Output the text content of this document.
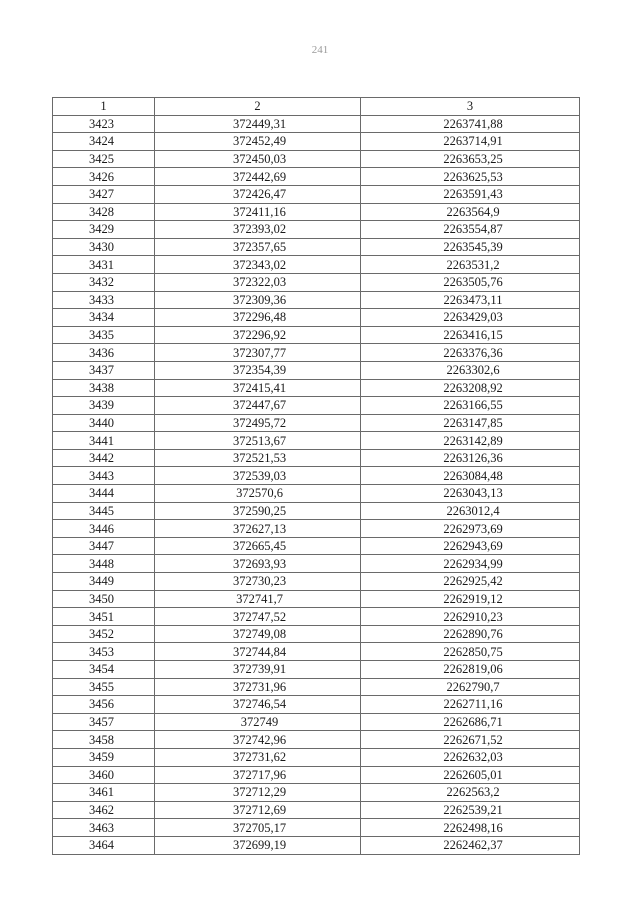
241
1	2	3
3423	372449,31	2263741,88
3424	372452,49	2263714,91
3425	372450,03	2263653,25
3426	372442,69	2263625,53
3427	372426,47	2263591,43
3428	372411,16	2263564,9
3429	372393,02	2263554,87
3430	372357,65	2263545,39
3431	372343,02	2263531,2
3432	372322,03	2263505,76
3433	372309,36	2263473,11
3434	372296,48	2263429,03
3435	372296,92	2263416,15
3436	372307,77	2263376,36
3437	372354,39	2263302,6
3438	372415,41	2263208,92
3439	372447,67	2263166,55
3440	372495,72	2263147,85
3441	372513,67	2263142,89
3442	372521,53	2263126,36
3443	372539,03	2263084,48
3444	372570,6	2263043,13
3445	372590,25	2263012,4
3446	372627,13	2262973,69
3447	372665,45	2262943,69
3448	372693,93	2262934,99
3449	372730,23	2262925,42
3450	372741,7	2262919,12
3451	372747,52	2262910,23
3452	372749,08	2262890,76
3453	372744,84	2262850,75
3454	372739,91	2262819,06
3455	372731,96	2262790,7
3456	372746,54	2262711,16
3457	372749	2262686,71
3458	372742,96	2262671,52
3459	372731,62	2262632,03
3460	372717,96	2262605,01
3461	372712,29	2262563,2
3462	372712,69	2262539,21
3463	372705,17	2262498,16
3464	372699,19	2262462,37
